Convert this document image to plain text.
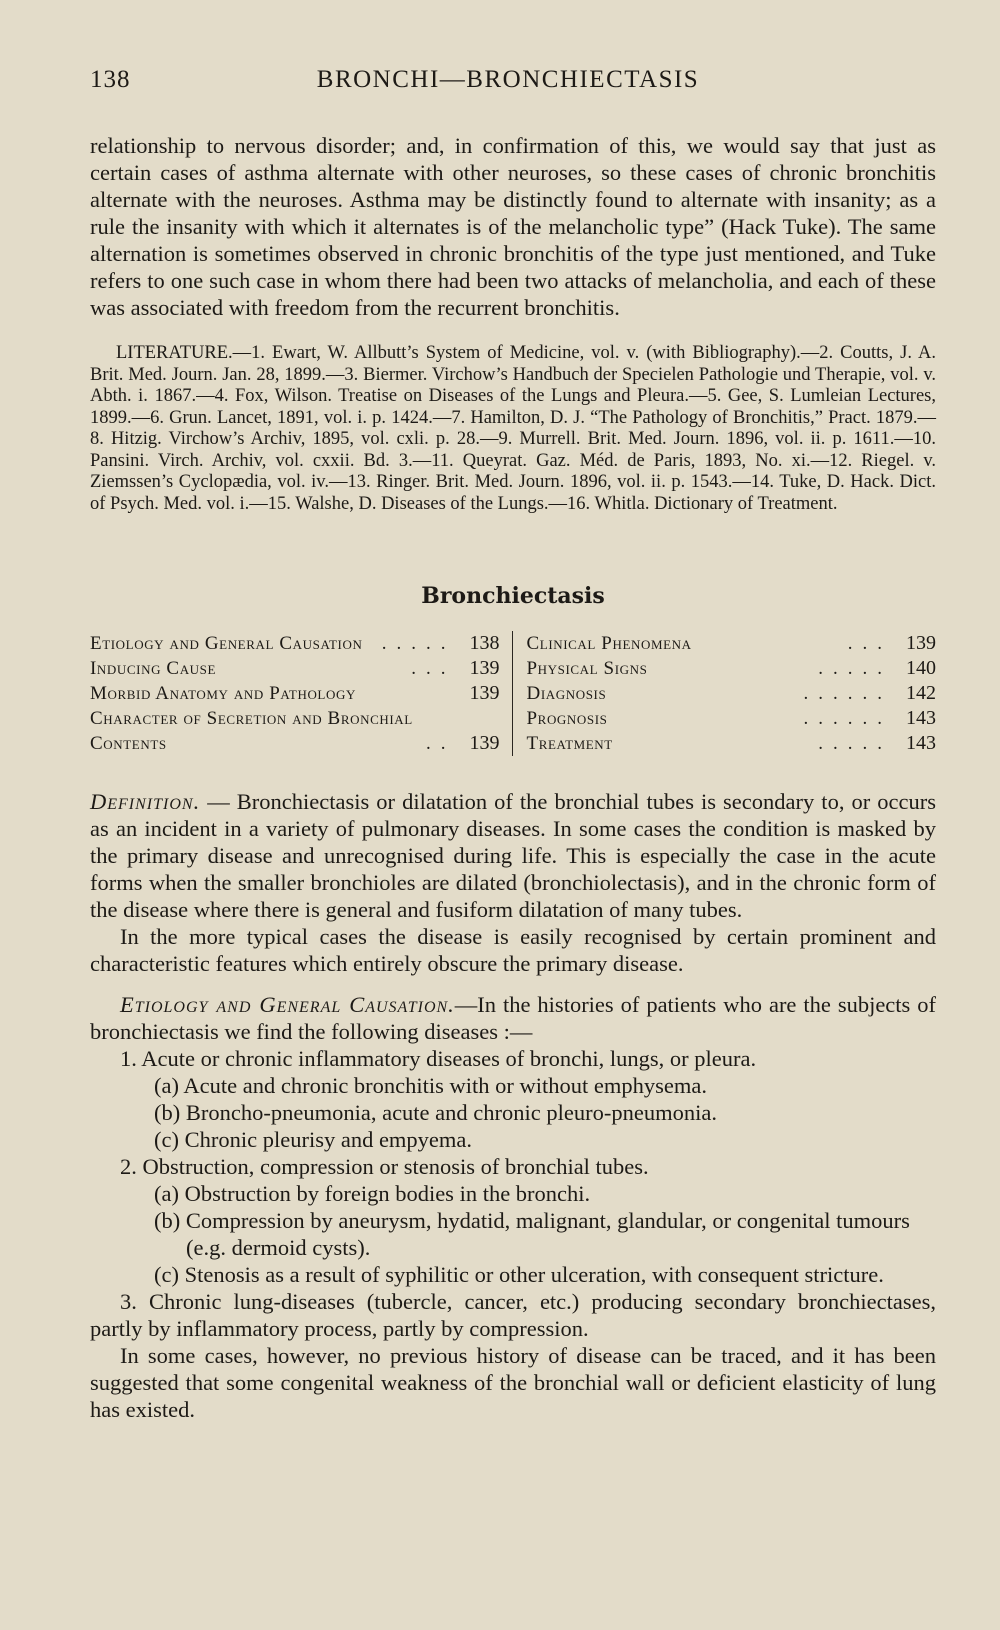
138	BRONCHI—BRONCHIECTASIS

relationship to nervous disorder; and, in confirmation of this, we would say that just as certain cases of asthma alternate with other neuroses, so these cases of chronic bronchitis alternate with the neuroses. Asthma may be distinctly found to alternate with insanity; as a rule the insanity with which it alternates is of the melancholic type” (Hack Tuke). The same alternation is sometimes observed in chronic bronchitis of the type just mentioned, and Tuke refers to one such case in whom there had been two attacks of melancholia, and each of these was associated with freedom from the recurrent bronchitis.

LITERATURE.—1. Ewart, W. Allbutt’s System of Medicine, vol. v. (with Bibliography).—2. Coutts, J. A. Brit. Med. Journ. Jan. 28, 1899.—3. Biermer. Virchow’s Handbuch der Specielen Pathologie und Therapie, vol. v. Abth. i. 1867.—4. Fox, Wilson. Treatise on Diseases of the Lungs and Pleura.—5. Gee, S. Lumleian Lectures, 1899.—6. Grun. Lancet, 1891, vol. i. p. 1424.—7. Hamilton, D. J. “The Pathology of Bronchitis,” Pract. 1879.—8. Hitzig. Virchow’s Archiv, 1895, vol. cxli. p. 28.—9. Murrell. Brit. Med. Journ. 1896, vol. ii. p. 1611.—10. Pansini. Virch. Archiv, vol. cxxii. Bd. 3.—11. Queyrat. Gaz. Méd. de Paris, 1893, No. xi.—12. Riegel. v. Ziemssen’s Cyclopædia, vol. iv.—13. Ringer. Brit. Med. Journ. 1896, vol. ii. p. 1543.—14. Tuke, D. Hack. Dict. of Psych. Med. vol. i.—15. Walshe, D. Diseases of the Lungs.—16. Whitla. Dictionary of Treatment.

Bronchiectasis
Etiology and General Causation	..... 138
Inducing Cause	... 139
Morbid Anatomy and Pathology	139
Character of Secretion and Bronchial Contents	.. 139
Clinical Phenomena	... 139
Physical Signs	..... 140
Diagnosis	...... 142
Prognosis	...... 143
Treatment	..... 143

Definition. — Bronchiectasis or dilatation of the bronchial tubes is secondary to, or occurs as an incident in a variety of pulmonary diseases. In some cases the condition is masked by the primary disease and unrecognised during life. This is especially the case in the acute forms when the smaller bronchioles are dilated (bronchiolectasis), and in the chronic form of the disease where there is general and fusiform dilatation of many tubes.

In the more typical cases the disease is easily recognised by certain prominent and characteristic features which entirely obscure the primary disease.

Etiology and General Causation.—In the histories of patients who are the subjects of bronchiectasis we find the following diseases :—

1. Acute or chronic inflammatory diseases of bronchi, lungs, or pleura.
(a) Acute and chronic bronchitis with or without emphysema.
(b) Broncho-pneumonia, acute and chronic pleuro-pneumonia.
(c) Chronic pleurisy and empyema.
2. Obstruction, compression or stenosis of bronchial tubes.
(a) Obstruction by foreign bodies in the bronchi.
(b) Compression by aneurysm, hydatid, malignant, glandular, or congenital tumours (e.g. dermoid cysts).
(c) Stenosis as a result of syphilitic or other ulceration, with consequent stricture.
3. Chronic lung-diseases (tubercle, cancer, etc.) producing secondary bronchiectases, partly by inflammatory process, partly by compression.

In some cases, however, no previous history of disease can be traced, and it has been suggested that some congenital weakness of the bronchial wall or deficient elasticity of lung has existed.
